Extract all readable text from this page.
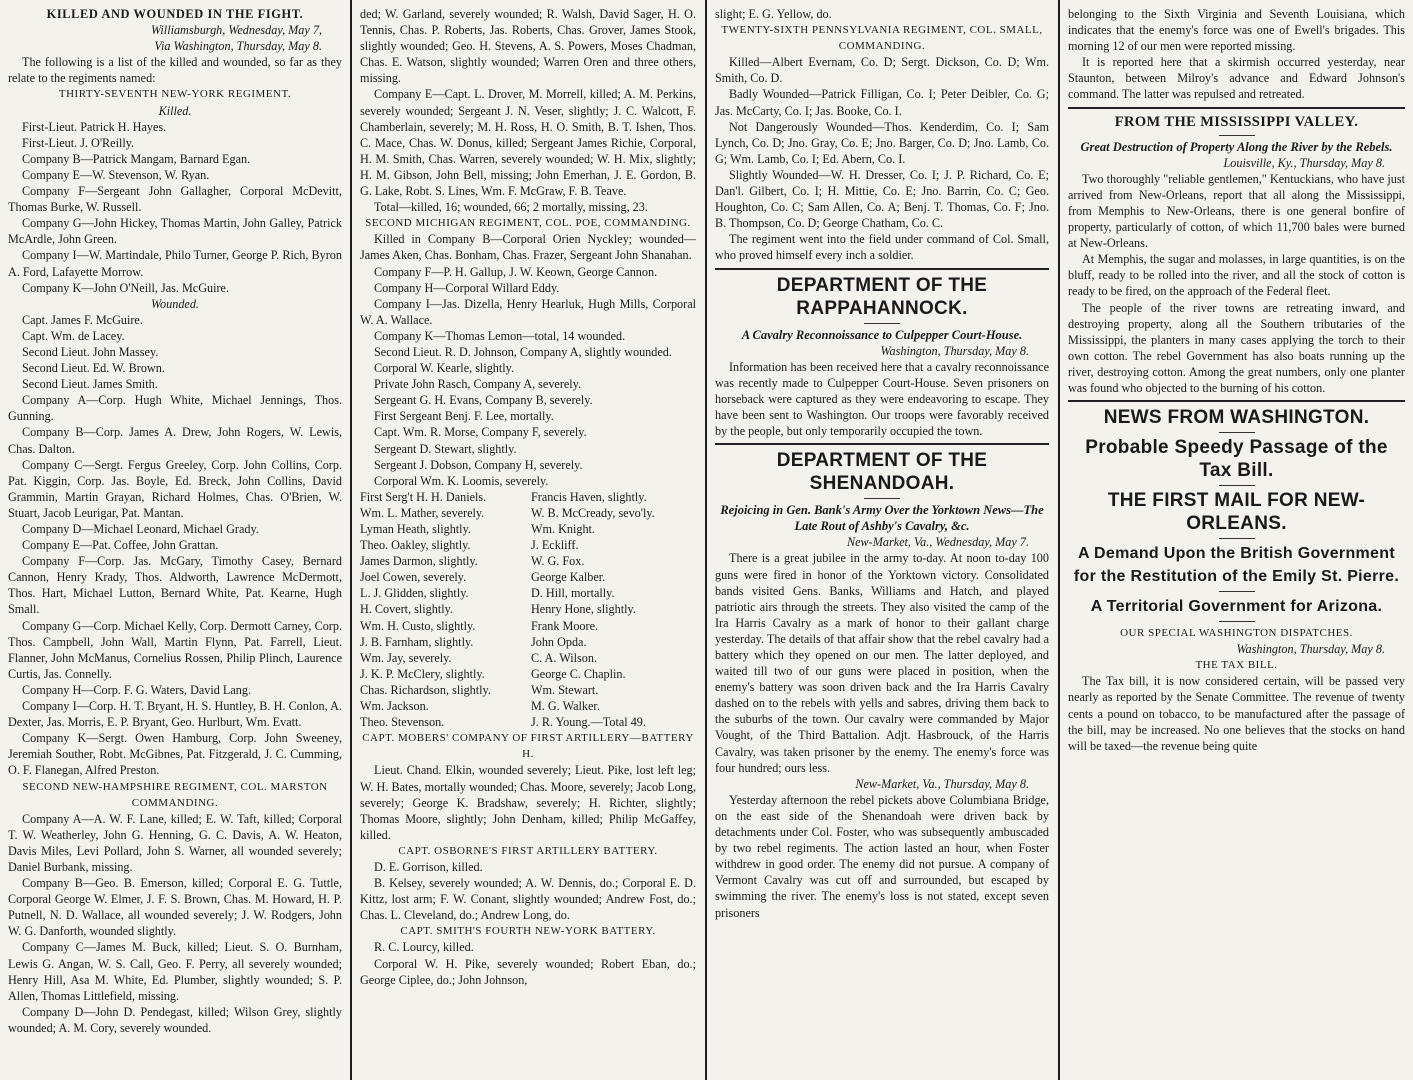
KILLED AND WOUNDED IN THE FIGHT.

Williamsburgh, Wednesday, May 7,

Via Washington, Thursday, May 8.

The following is a list of the killed and wounded, so far as they relate to the regiments named:

THIRTY-SEVENTH NEW-YORK REGIMENT.

Killed.

First-Lieut. Patrick H. Hayes.

First-Lieut. J. O'Reilly.

Company B—Patrick Mangam, Barnard Egan.

Company E—W. Stevenson, W. Ryan.

Company F—Sergeant John Gallagher, Corporal McDevitt, Thomas Burke, W. Russell.

Company G—John Hickey, Thomas Martin, John Galley, Patrick McArdle, John Green.

Company I—W. Martindale, Philo Turner, George P. Rich, Byron A. Ford, Lafayette Morrow.

Company K—John O'Neill, Jas. McGuire.

Wounded.

Capt. James F. McGuire.

Capt. Wm. de Lacey.

Second Lieut. John Massey.

Second Lieut. Ed. W. Brown.

Second Lieut. James Smith.

Company A—Corp. Hugh White, Michael Jennings, Thos. Gunning.

Company B—Corp. James A. Drew, John Rogers, W. Lewis, Chas. Dalton.

Company C—Sergt. Fergus Greeley, Corp. John Collins, Corp. Pat. Kiggin, Corp. Jas. Boyle, Ed. Breck, John Collins, David Grammin, Martin Grayan, Richard Holmes, Chas. O'Brien, W. Stuart, Jacob Leurigar, Pat. Mantan.

Company D—Michael Leonard, Michael Grady.

Company E—Pat. Coffee, John Grattan.

Company F—Corp. Jas. McGary, Timothy Casey, Bernard Cannon, Henry Krady, Thos. Aldworth, Lawrence McDermott, Thos. Hart, Michael Lutton, Bernard White, Pat. Kearne, Hugh Small.

Company G—Corp. Michael Kelly, Corp. Dermott Carney, Corp. Thos. Campbell, John Wall, Martin Flynn, Pat. Farrell, Lieut. Flanner, John McManus, Cornelius Rossen, Philip Plinch, Laurence Curtis, Jas. Connelly.

Company H—Corp. F. G. Waters, David Lang.

Company I—Corp. H. T. Bryant, H. S. Huntley, B. H. Conlon, A. Dexter, Jas. Morris, E. P. Bryant, Geo. Hurlburt, Wm. Evatt.

Company K—Sergt. Owen Hamburg, Corp. John Sweeney, Jeremiah Souther, Robt. McGibnes, Pat. Fitzgerald, J. C. Cumming, O. F. Flanegan, Alfred Preston.

SECOND NEW-HAMPSHIRE REGIMENT, COL. MARSTON COMMANDING.

Company A—A. W. F. Lane, killed; E. W. Taft, killed; Corporal T. W. Weatherley, John G. Henning, G. C. Davis, A. W. Heaton, Davis Miles, Levi Pollard, John S. Warner, all wounded severely; Daniel Burbank, missing.

Company B—Geo. B. Emerson, killed; Corporal E. G. Tuttle, Corporal George W. Elmer, J. F. S. Brown, Chas. M. Howard, H. P. Putnell, N. D. Wallace, all wounded severely; J. W. Rodgers, John W. G. Danforth, wounded slightly.

Company C—James M. Buck, killed; Lieut. S. O. Burnham, Lewis G. Angan, W. S. Call, Geo. F. Perry, all severely wounded; Henry Hill, Asa M. White, Ed. Plumber, slightly wounded; S. P. Allen, Thomas Littlefield, missing.

Company D—John D. Pendegast, killed; Wilson Grey, slightly wounded; A. M. Cory, severely wounded.

ded; W. Garland, severely wounded; R. Walsh, David Sager, H. O. Tennis, Chas. P. Roberts, Jas. Roberts, Chas. Grover, James Stook, slightly wounded; Geo. H. Stevens, A. S. Powers, Moses Chadman, Chas. E. Watson, slightly wounded; Warren Oren and three others, missing.

Company E—Capt. L. Drover, M. Morrell, killed; A. M. Perkins, severely wounded; Sergeant J. N. Veser, slightly; J. C. Walcott, F. Chamberlain, severely; M. H. Ross, H. O. Smith, B. T. Ishen, Thos. C. Mace, Chas. W. Donus, killed; Sergeant James Richie, Corporal, H. M. Smith, Chas. Warren, severely wounded; W. H. Mix, slightly; H. M. Gibson, John Bell, missing; John Emerhan, J. E. Gordon, B. G. Lake, Robt. S. Lines, Wm. F. McGraw, F. B. Teave.

Total—killed, 16; wounded, 66; 2 mortally, missing, 23.

SECOND MICHIGAN REGIMENT, COL. POE, COMMANDING.

Killed in Company B—Corporal Orien Nyckley; wounded—James Aken, Chas. Bonham, Chas. Frazer, Sergeant John Shanahan.

Company F—P. H. Gallup, J. W. Keown, George Cannon.

Company H—Corporal Willard Eddy.

Company I—Jas. Dizella, Henry Hearluk, Hugh Mills, Corporal W. A. Wallace.

Company K—Thomas Lemon—total, 14 wounded.

Second Lieut. R. D. Johnson, Company A, slightly wounded.

Corporal W. Kearle, slightly.

Private John Rasch, Company A, severely.

Sergeant G. H. Evans, Company B, severely.

First Sergeant Benj. F. Lee, mortally.

Capt. Wm. R. Morse, Company F, severely.

Sergeant D. Stewart, slightly.

Sergeant J. Dobson, Company H, severely.

Corporal Wm. K. Loomis, severely.

First Serg't H. H. Daniels.	Francis Haven, slightly.
Wm. L. Mather, severely.	W. B. McCready, sevo'ly.
Lyman Heath, slightly.	Wm. Knight.
Theo. Oakley, slightly.	J. Eckliff.
James Darmon, slightly.	W. G. Fox.
Joel Cowen, severely.	George Kalber.
L. J. Glidden, slightly.	D. Hill, mortally.
H. Covert, slightly.	Henry Hone, slightly.
Wm. H. Custo, slightly.	Frank Moore.
J. B. Farnham, slightly.	John Opda.
Wm. Jay, severely.	C. A. Wilson.
J. K. P. McClery, slightly.	George C. Chaplin.
Chas. Richardson, slightly.	Wm. Stewart.
Wm. Jackson.	M. G. Walker.
Theo. Stevenson.	J. R. Young.—Total 49.

CAPT. MOBERS' COMPANY OF FIRST ARTILLERY—BATTERY H.

Lieut. Chand. Elkin, wounded severely; Lieut. Pike, lost left leg; W. H. Bates, mortally wounded; Chas. Moore, severely; Jacob Long, severely; George K. Bradshaw, severely; H. Richter, slightly; Thomas Moore, slightly; John Denham, killed; Philip McGaffey, killed.

CAPT. OSBORNE'S FIRST ARTILLERY BATTERY.

D. E. Gorrison, killed.

B. Kelsey, severely wounded; A. W. Dennis, do.; Corporal E. D. Kittz, lost arm; F. W. Conant, slightly wounded; Andrew Fost, do.; Chas. L. Cleveland, do.; Andrew Long, do.

CAPT. SMITH'S FOURTH NEW-YORK BATTERY.

R. C. Lourcy, killed.

Corporal W. H. Pike, severely wounded; Robert Eban, do.; George Ciplee, do.; John Johnson,

slight; E. G. Yellow, do.

TWENTY-SIXTH PENNSYLVANIA REGIMENT, COL. SMALL, COMMANDING.

Killed—Albert Evernam, Co. D; Sergt. Dickson, Co. D; Wm. Smith, Co. D.

Badly Wounded—Patrick Filligan, Co. I; Peter Deibler, Co. G; Jas. McCarty, Co. I; Jas. Booke, Co. I.

Not Dangerously Wounded—Thos. Kenderdim, Co. I; Sam Lynch, Co. D; Jno. Gray, Co. E; Jno. Barger, Co. D; Jno. Lamb, Co. G; Wm. Lamb, Co. I; Ed. Abern, Co. I.

Slightly Wounded—W. H. Dresser, Co. I; J. P. Richard, Co. E; Dan'l. Gilbert, Co. I; H. Mittie, Co. E; Jno. Barrin, Co. C; Geo. Houghton, Co. C; Sam Allen, Co. A; Benj. T. Thomas, Co. F; Jno. B. Thompson, Co. D; George Chatham, Co. C.

The regiment went into the field under command of Col. Small, who proved himself every inch a soldier.

DEPARTMENT OF THE RAPPAHANNOCK.

A Cavalry Reconnoissance to Culpepper Court-House.

Washington, Thursday, May 8.

Information has been received here that a cavalry reconnoissance was recently made to Culpepper Court-House. Seven prisoners on horseback were captured as they were endeavoring to escape. They have been sent to Washington. Our troops were favorably received by the people, but only temporarily occupied the town.

DEPARTMENT OF THE SHENANDOAH.

Rejoicing in Gen. Bank's Army Over the Yorktown News—The Late Rout of Ashby's Cavalry, &c.

New-Market, Va., Wednesday, May 7.

There is a great jubilee in the army to-day. At noon to-day 100 guns were fired in honor of the Yorktown victory. Consolidated bands visited Gens. Banks, Williams and Hatch, and played patriotic airs through the streets. They also visited the camp of the Ira Harris Cavalry as a mark of honor to their gallant charge yesterday. The details of that affair show that the rebel cavalry had a battery which they opened on our men. The latter deployed, and waited till two of our guns were placed in position, when the enemy's battery was soon driven back and the Ira Harris Cavalry dashed on to the rebels with yells and sabres, driving them back to the suburbs of the town. Our cavalry were commanded by Major Vought, of the Third Battalion. Adjt. Hasbrouck, of the Harris Cavalry, was taken prisoner by the enemy. The enemy's force was four hundred; ours less.

New-Market, Va., Thursday, May 8.

Yesterday afternoon the rebel pickets above Columbiana Bridge, on the east side of the Shenandoah were driven back by detachments under Col. Foster, who was subsequently ambuscaded by two rebel regiments. The action lasted an hour, when Foster withdrew in good order. The enemy did not pursue. A company of Vermont Cavalry was cut off and surrounded, but escaped by swimming the river. The enemy's loss is not stated, except seven prisoners

belonging to the Sixth Virginia and Seventh Louisiana, which indicates that the enemy's force was one of Ewell's brigades. This morning 12 of our men were reported missing.

It is reported here that a skirmish occurred yesterday, near Staunton, between Milroy's advance and Edward Johnson's command. The latter was repulsed and retreated.

FROM THE MISSISSIPPI VALLEY.

Great Destruction of Property Along the River by the Rebels.

Louisville, Ky., Thursday, May 8.

Two thoroughly "reliable gentlemen," Kentuckians, who have just arrived from New-Orleans, report that all along the Mississippi, from Memphis to New-Orleans, there is one general bonfire of property, particularly of cotton, of which 11,700 bales were burned at New-Orleans.

At Memphis, the sugar and molasses, in large quantities, is on the bluff, ready to be rolled into the river, and all the stock of cotton is ready to be fired, on the approach of the Federal fleet.

The people of the river towns are retreating inward, and destroying property, along all the Southern tributaries of the Mississippi, the planters in many cases applying the torch to their own cotton. The rebel Government has also boats running up the river, destroying cotton. Among the great numbers, only one planter was found who objected to the burning of his cotton.

NEWS FROM WASHINGTON.

Probable Speedy Passage of the Tax Bill.

THE FIRST MAIL FOR NEW-ORLEANS.

A Demand Upon the British Government for the Restitution of the Emily St. Pierre.

A Territorial Government for Arizona.

OUR SPECIAL WASHINGTON DISPATCHES.

Washington, Thursday, May 8.

THE TAX BILL.

The Tax bill, it is now considered certain, will be passed very nearly as reported by the Senate Committee. The revenue of twenty cents a pound on tobacco, to be manufactured after the passage of the bill, may be increased. No one believes that the stocks on hand will be taxed—the revenue being quite
